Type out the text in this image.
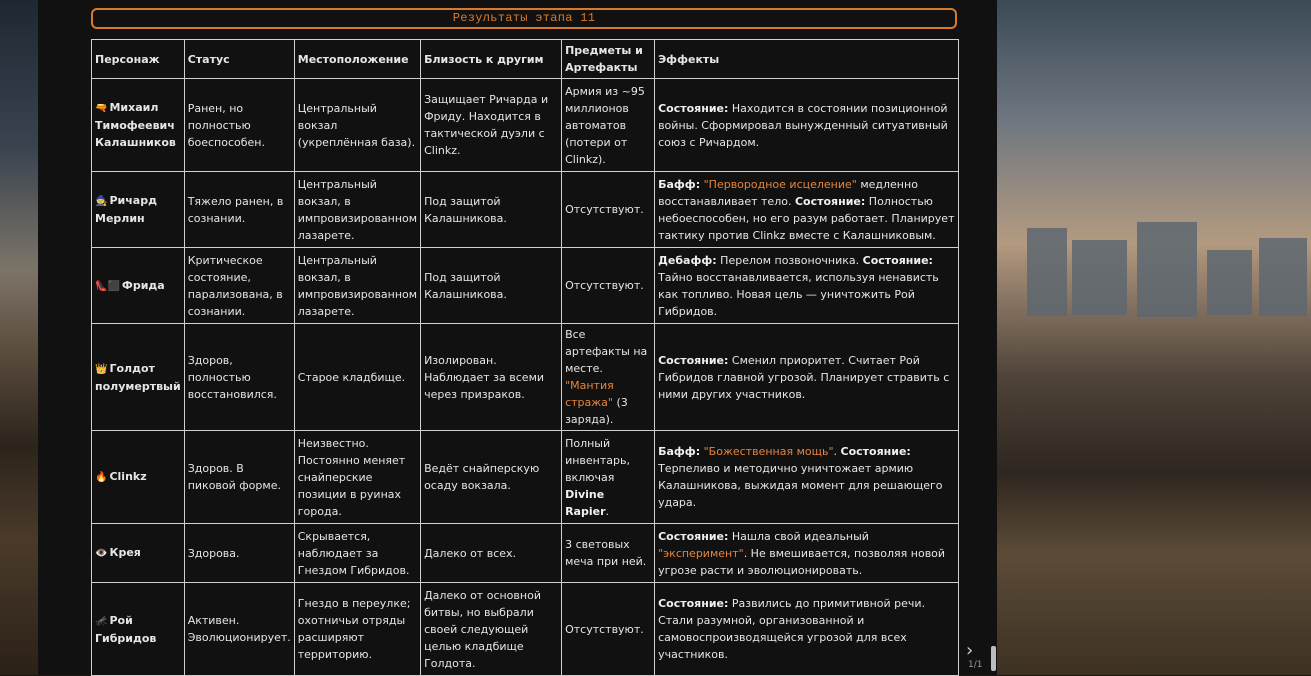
Результаты этапа 11
Персонаж	Статус	Местоположение	Близость к другим	Предметы и Артефакты	Эффекты
🔫 Михаил Тимофеевич Калашников	Ранен, но полностью боеспособен.	Центральный вокзал (укреплённая база).	Защищает Ричарда и Фриду. Находится в тактической дуэли с Clinkz.	Армия из ~95 миллионов автоматов (потери от Clinkz).	Состояние: Находится в состоянии позиционной войны. Сформировал вынужденный ситуативный союз с Ричардом.
🧙 Ричард Мерлин	Тяжело ранен, в сознании.	Центральный вокзал, в импровизированном лазарете.	Под защитой Калашникова.	Отсутствуют.	Бафф: "Первородное исцеление" медленно восстанавливает тело. Состояние: Полностью небоеспособен, но его разум работает. Планирует тактику против Clinkz вместе с Калашниковым.
👠⬛ Фрида	Критическое состояние, парализована, в сознании.	Центральный вокзал, в импровизированном лазарете.	Под защитой Калашникова.	Отсутствуют.	Дебафф: Перелом позвоночника. Состояние: Тайно восстанавливается, используя ненависть как топливо. Новая цель — уничтожить Рой Гибридов.
👑 Голдот полумертвый	Здоров, полностью восстановился.	Старое кладбище.	Изолирован. Наблюдает за всеми через призраков.	Все артефакты на месте. "Мантия стража" (3 заряда).	Состояние: Сменил приоритет. Считает Рой Гибридов главной угрозой. Планирует стравить с ними других участников.
🔥 Clinkz	Здоров. В пиковой форме.	Неизвестно. Постоянно меняет снайперские позиции в руинах города.	Ведёт снайперскую осаду вокзала.	Полный инвентарь, включая Divine Rapier.	Бафф: "Божественная мощь". Состояние: Терпеливо и методично уничтожает армию Калашникова, выжидая момент для решающего удара.
👁️ Крея	Здорова.	Скрывается, наблюдает за Гнездом Гибридов.	Далеко от всех.	3 световых меча при ней.	Состояние: Нашла свой идеальный "эксперимент". Не вмешивается, позволяя новой угрозе расти и эволюционировать.
🦟 Рой Гибридов	Активен. Эволюционирует.	Гнездо в переулке; охотничьи отряды расширяют территорию.	Далеко от основной битвы, но выбрали своей следующей целью кладбище Голдота.	Отсутствуют.	Состояние: Развились до примитивной речи. Стали разумной, организованной и самовоспроизводящейся угрозой для всех участников.	›
1/1
